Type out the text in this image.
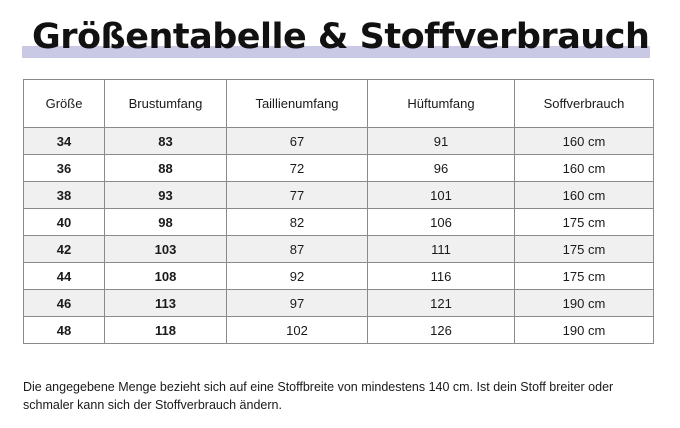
Größentabelle & Stoffverbrauch
Größe	Brustumfang	Taillienumfang	Hüftumfang	Soffverbrauch
34	83	67	91	160 cm
36	88	72	96	160 cm
38	93	77	101	160 cm
40	98	82	106	175 cm
42	103	87	111	175 cm
44	108	92	116	175 cm
46	113	97	121	190 cm
48	118	102	126	190 cm

Die angegebene Menge bezieht sich auf eine Stoffbreite von mindestens 140 cm. Ist dein Stoff breiter oder schmaler kann sich der Stoffverbrauch ändern.
